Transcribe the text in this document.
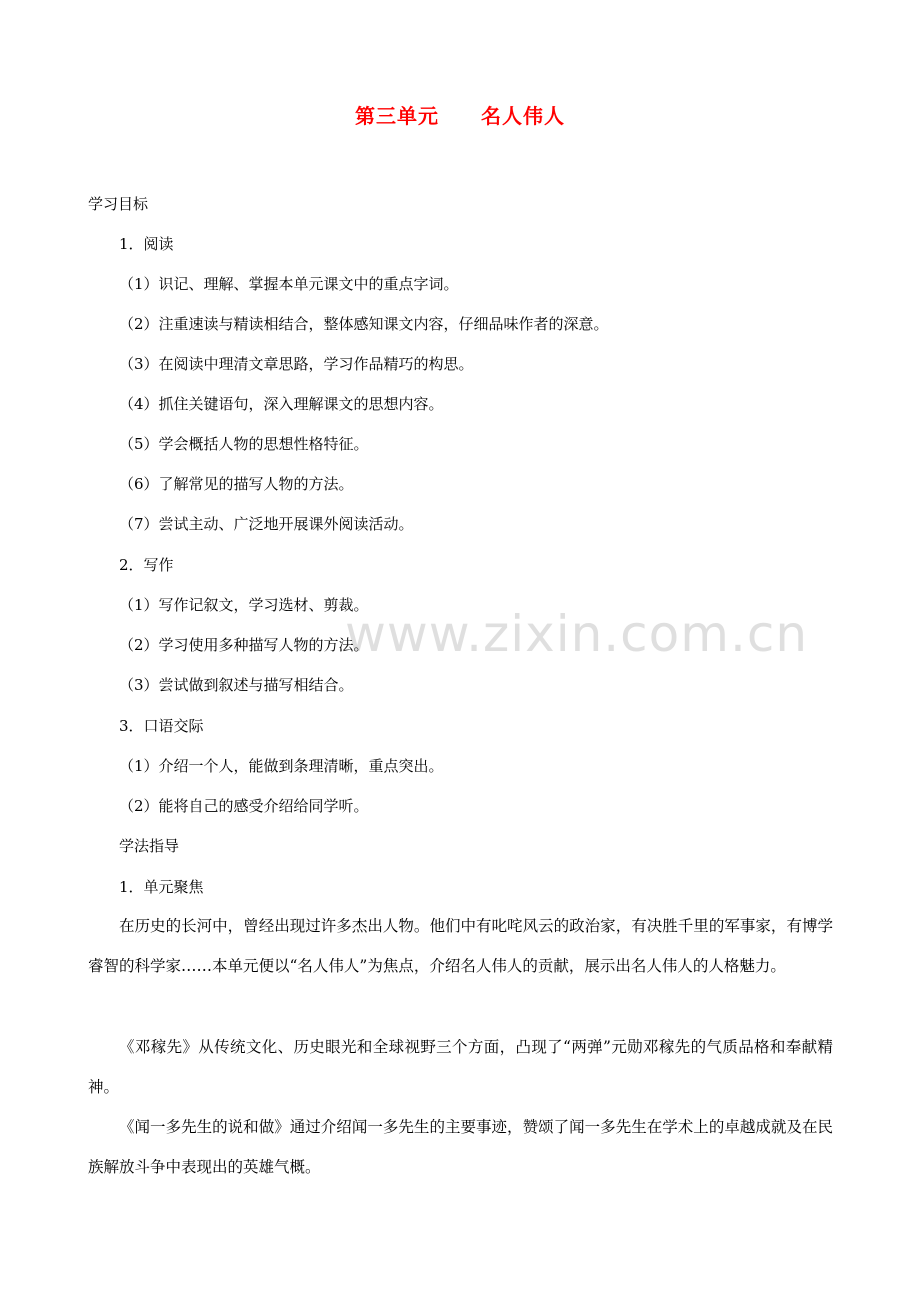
www.zixin.com.cn
第三单元　　名人伟人
学习目标
1．阅读
（1）识记、理解、掌握本单元课文中的重点字词。
（2）注重速读与精读相结合，整体感知课文内容，仔细品味作者的深意。
（3）在阅读中理清文章思路，学习作品精巧的构思。
（4）抓住关键语句，深入理解课文的思想内容。
（5）学会概括人物的思想性格特征。
（6）了解常见的描写人物的方法。
（7）尝试主动、广泛地开展课外阅读活动。
2．写作
（1）写作记叙文，学习选材、剪裁。
（2）学习使用多种描写人物的方法。
（3）尝试做到叙述与描写相结合。
3．口语交际
（1）介绍一个人，能做到条理清晰，重点突出。
（2）能将自己的感受介绍给同学听。
学法指导
1．单元聚焦
在历史的长河中，曾经出现过许多杰出人物。他们中有叱咤风云的政治家，有决胜千里的军事家，有博学睿智的科学家……本单元便以“名人伟人”为焦点，介绍名人伟人的贡献，展示出名人伟人的人格魅力。
《邓稼先》从传统文化、历史眼光和全球视野三个方面，凸现了“两弹”元勋邓稼先的气质品格和奉献精神。
《闻一多先生的说和做》通过介绍闻一多先生的主要事迹，赞颂了闻一多先生在学术上的卓越成就及在民族解放斗争中表现出的英雄气概。
